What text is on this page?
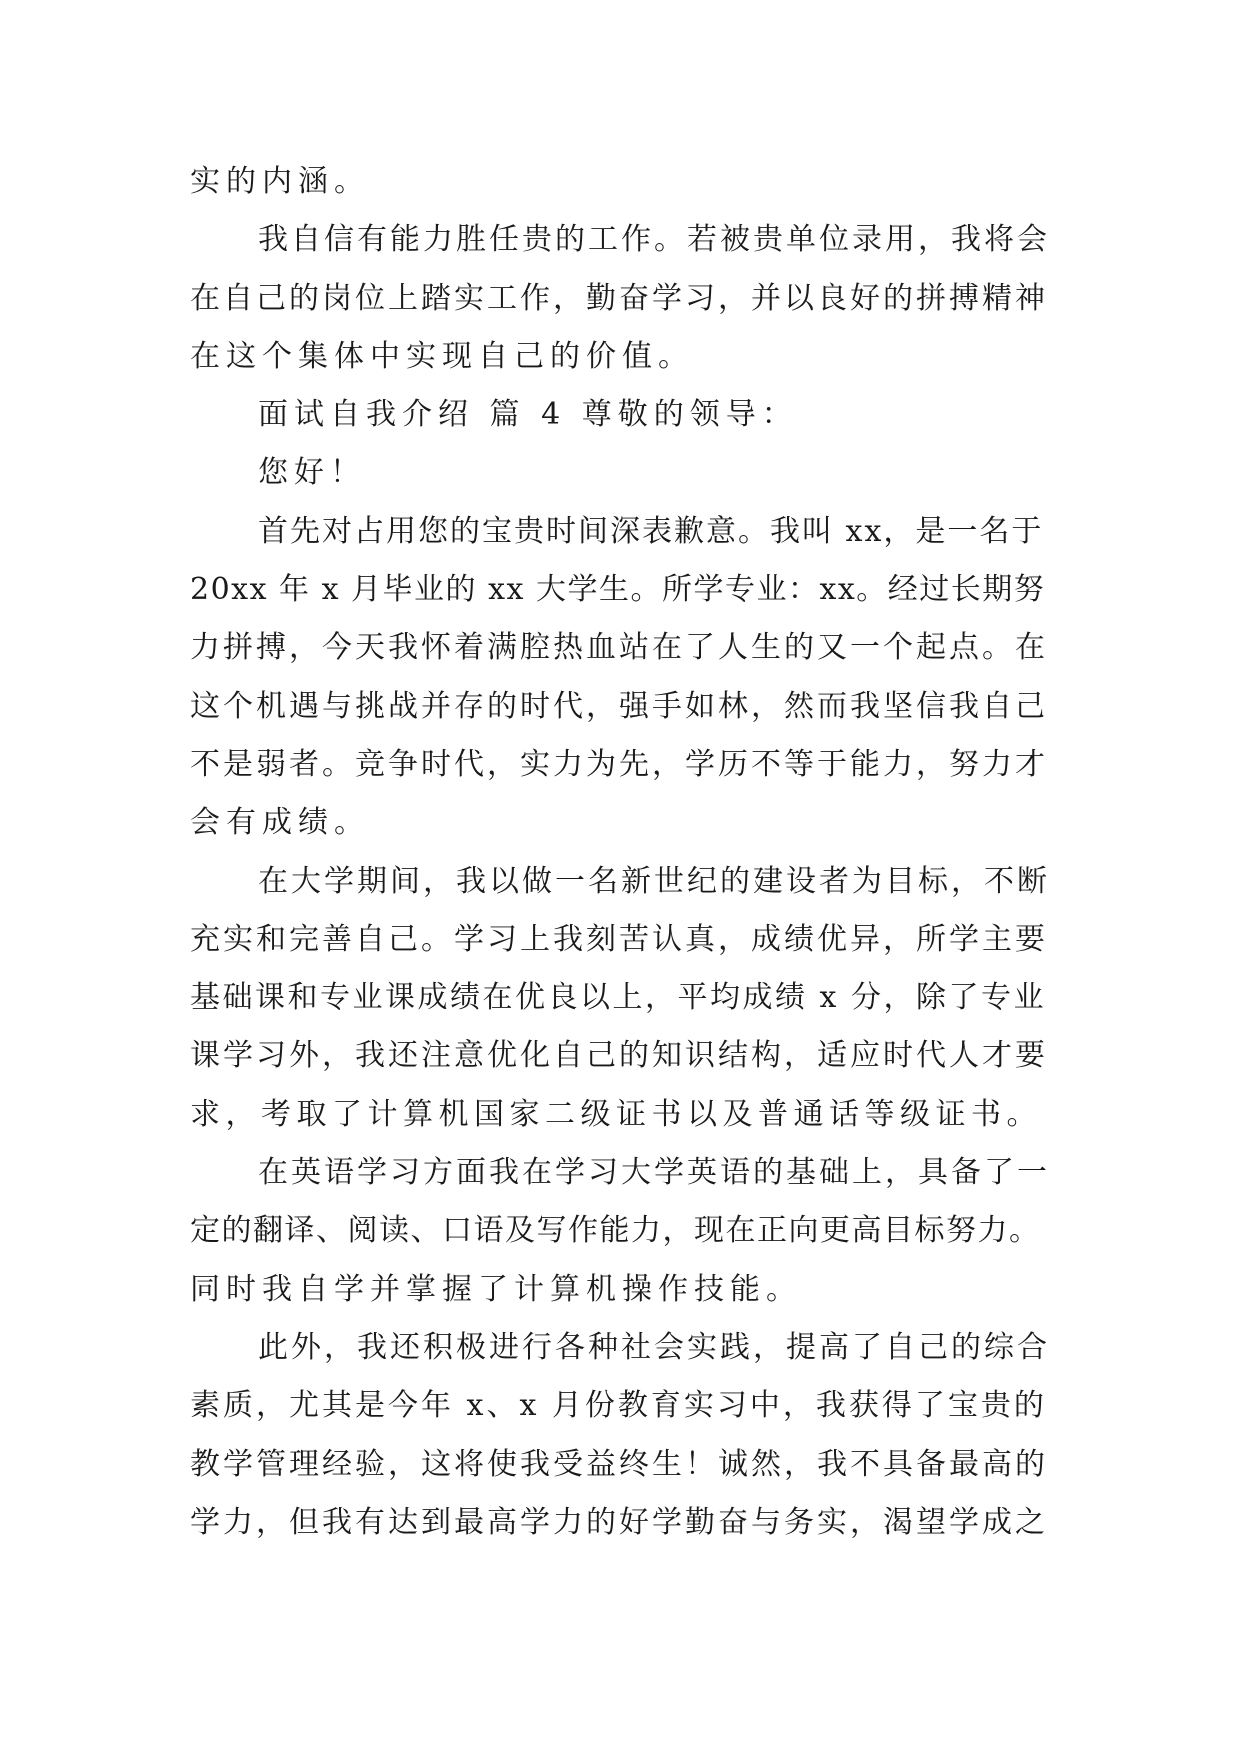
实的内涵。
我自信有能力胜任贵的工作。若被贵单位录用，我将会
在自己的岗位上踏实工作，勤奋学习，并以良好的拼搏精神
在这个集体中实现自己的价值。
面试自我介绍 篇 4 尊敬的领导：
您好！
首先对占用您的宝贵时间深表歉意。我叫 xx，是一名于
20xx 年 x 月毕业的 xx 大学生。所学专业：xx。经过长期努
力拼搏，今天我怀着满腔热血站在了人生的又一个起点。在
这个机遇与挑战并存的时代，强手如林，然而我坚信我自己
不是弱者。竞争时代，实力为先，学历不等于能力，努力才
会有成绩。
在大学期间，我以做一名新世纪的建设者为目标，不断
充实和完善自己。学习上我刻苦认真，成绩优异，所学主要
基础课和专业课成绩在优良以上，平均成绩 x 分，除了专业
课学习外，我还注意优化自己的知识结构，适应时代人才要
求，考取了计算机国家二级证书以及普通话等级证书。
在英语学习方面我在学习大学英语的基础上，具备了一
定的翻译、阅读、口语及写作能力，现在正向更高目标努力。
同时我自学并掌握了计算机操作技能。
此外，我还积极进行各种社会实践，提高了自己的综合
素质，尤其是今年 x、x 月份教育实习中，我获得了宝贵的
教学管理经验，这将使我受益终生！诚然，我不具备最高的
学力，但我有达到最高学力的好学勤奋与务实，渴望学成之
